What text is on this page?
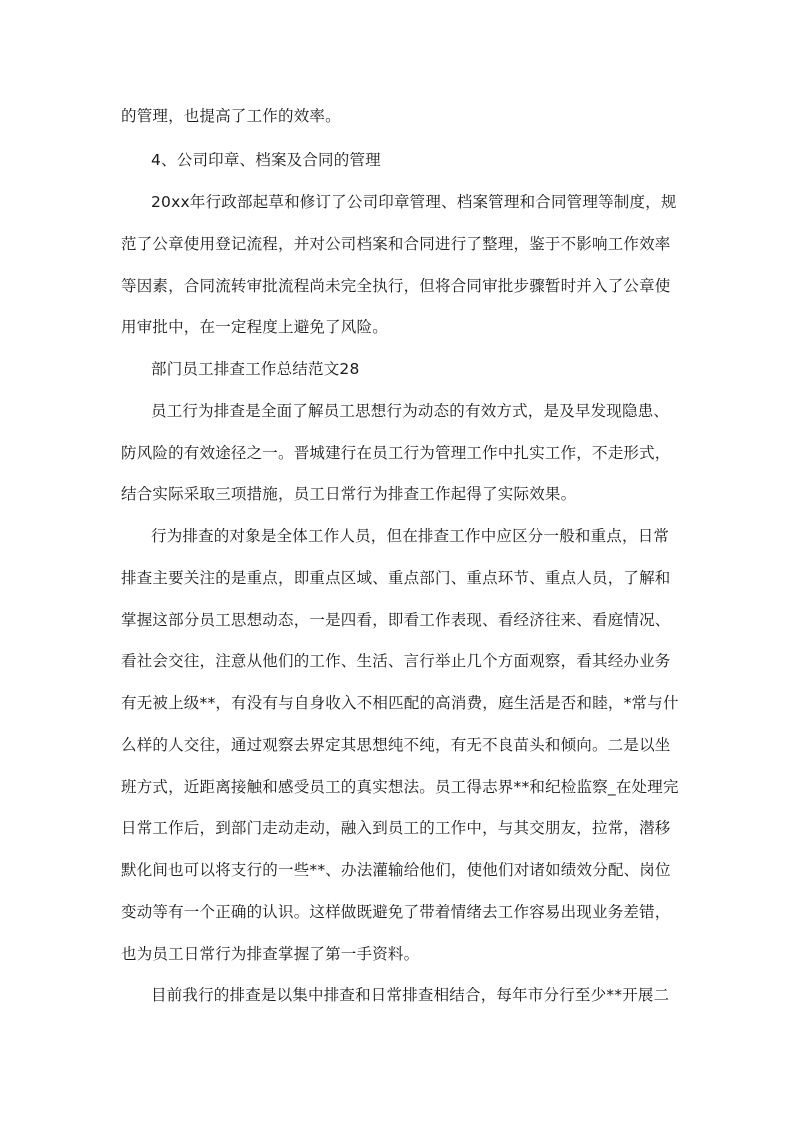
的管理，也提高了工作的效率。
4、公司印章、档案及合同的管理
20xx年行政部起草和修订了公司印章管理、档案管理和合同管理等制度，规
范了公章使用登记流程，并对公司档案和合同进行了整理，鉴于不影响工作效率
等因素，合同流转审批流程尚未完全执行，但将合同审批步骤暂时并入了公章使
用审批中，在一定程度上避免了风险。
部门员工排查工作总结范文28
员工行为排查是全面了解员工思想行为动态的有效方式，是及早发现隐患、
防风险的有效途径之一。晋城建行在员工行为管理工作中扎实工作，不走形式，
结合实际采取三项措施，员工日常行为排查工作起得了实际效果。
行为排查的对象是全体工作人员，但在排查工作中应区分一般和重点，日常
排查主要关注的是重点，即重点区域、重点部门、重点环节、重点人员，了解和
掌握这部分员工思想动态，一是四看，即看工作表现、看经济往来、看庭情况、
看社会交往，注意从他们的工作、生活、言行举止几个方面观察，看其经办业务
有无被上级**，有没有与自身收入不相匹配的高消费，庭生活是否和睦，*常与什
么样的人交往，通过观察去界定其思想纯不纯，有无不良苗头和倾向。二是以坐
班方式，近距离接触和感受员工的真实想法。员工得志界**和纪检监察_在处理完
日常工作后，到部门走动走动，融入到员工的工作中，与其交朋友，拉常，潜移
默化间也可以将支行的一些**、办法灌输给他们，使他们对诸如绩效分配、岗位
变动等有一个正确的认识。这样做既避免了带着情绪去工作容易出现业务差错，
也为员工日常行为排查掌握了第一手资料。
目前我行的排查是以集中排查和日常排查相结合，每年市分行至少**开展二
